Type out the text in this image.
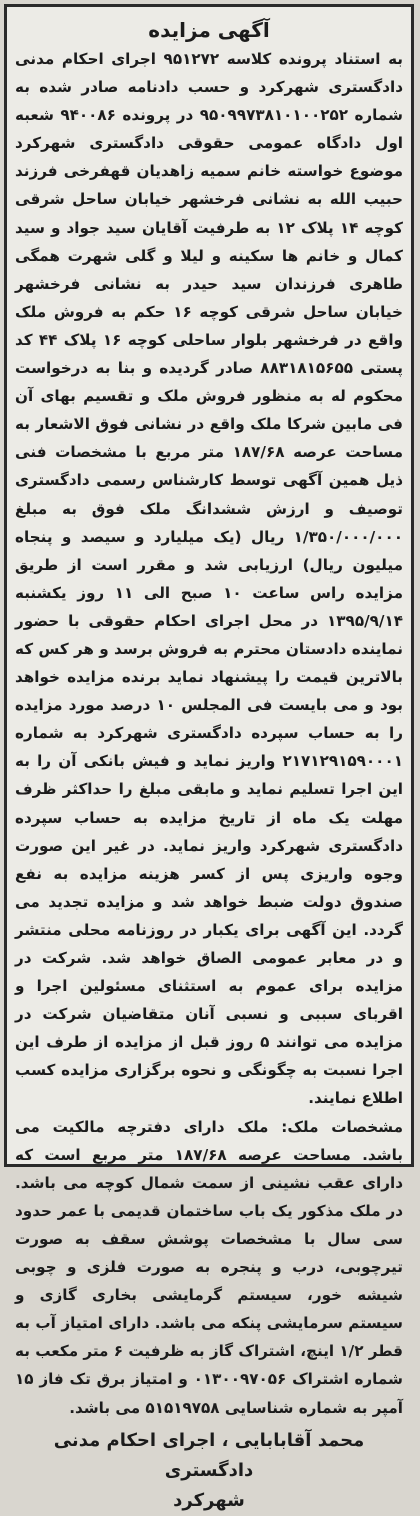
آگهی مزایده

به استناد پرونده کلاسه ۹۵۱۲۷۲ اجرای احکام مدنی دادگستری شهرکرد و حسب دادنامه صادر شده به شماره ۹۵۰۹۹۷۳۸۱۰۱۰۰۲۵۲ در پرونده ۹۴۰۰۸۶ شعبه اول دادگاه عمومی حقوقی دادگستری شهرکرد موضوع خواسته خانم سمیه زاهدیان قهفرخی فرزند حبیب الله به نشانی فرخشهر خیابان ساحل شرقی کوچه ۱۴ پلاک ۱۲ به طرفیت آقایان سید جواد و سید کمال و خانم ها سکینه و لیلا و گلی شهرت همگی طاهری فرزندان سید حیدر به نشانی فرخشهر خیابان ساحل شرقی کوچه ۱۶ حکم به فروش ملک واقع در فرخشهر بلوار ساحلی کوچه ۱۶ پلاک ۴۴ کد پستی ۸۸۳۱۸۱۵۶۵۵ صادر گردیده و بنا به درخواست محکوم له به منظور فروش ملک و تقسیم بهای آن فی مابین شرکا ملک واقع در نشانی فوق الاشعار به مساحت عرصه ۱۸۷/۶۸ متر مربع با مشخصات فنی ذیل همین آگهی توسط کارشناس رسمی دادگستری توصیف و ارزش ششدانگ ملک فوق به مبلغ ۱/۳۵۰/۰۰۰/۰۰۰ ریال (یک میلیارد و سیصد و پنجاه میلیون ریال) ارزیابی شد و مقرر است از طریق مزایده راس ساعت ۱۰ صبح الی ۱۱ روز یکشنبه ۱۳۹۵/۹/۱۴ در محل اجرای احکام حقوقی با حضور نماینده دادستان محترم به فروش برسد و هر کس که بالاترین قیمت را پیشنهاد نماید برنده مزایده خواهد بود و می بایست فی المجلس ۱۰ درصد مورد مزایده را به حساب سپرده دادگستری شهرکرد به شماره ۲۱۷۱۲۹۱۵۹۰۰۰۱ واریز نماید و فیش بانکی آن را به این اجرا تسلیم نماید و مابقی مبلغ را حداکثر ظرف مهلت یک ماه از تاریخ مزایده به حساب سپرده دادگستری شهرکرد واریز نماید. در غیر این صورت وجوه واریزی پس از کسر هزینه مزایده به نفع صندوق دولت ضبط خواهد شد و مزایده تجدید می گردد. این آگهی برای یکبار در روزنامه محلی منتشر و در معابر عمومی الصاق خواهد شد. شرکت در مزایده برای عموم به استثنای مسئولین اجرا و اقربای سببی و نسبی آنان متقاضیان شرکت در مزایده می توانند ۵ روز قبل از مزایده از طرف این اجرا نسبت به چگونگی و نحوه برگزاری مزایده کسب اطلاع نمایند.

مشخصات ملک: ملک دارای دفترچه مالکیت می باشد. مساحت عرصه ۱۸۷/۶۸ متر مربع است که دارای عقب نشینی از سمت شمال کوچه می باشد. در ملک مذکور یک باب ساختمان قدیمی با عمر حدود سی سال با مشخصات پوشش سقف به صورت تیرچوبی، درب و پنجره به صورت فلزی و چوبی شیشه خور، سیستم گرمایشی بخاری گازی و سیستم سرمایشی پنکه می باشد. دارای امتیاز آب به قطر ۱/۲ اینچ، اشتراک گاز به ظرفیت ۶ متر مکعب به شماره اشتراک ۰۱۳۰۰۹۷۰۵۶ و امتیاز برق تک فاز ۱۵ آمپر به شماره شناسایی ۵۱۵۱۹۷۵۸ می باشد.

محمد آقابابایی ، اجرای احکام مدنی دادگستری
شهرکرد
